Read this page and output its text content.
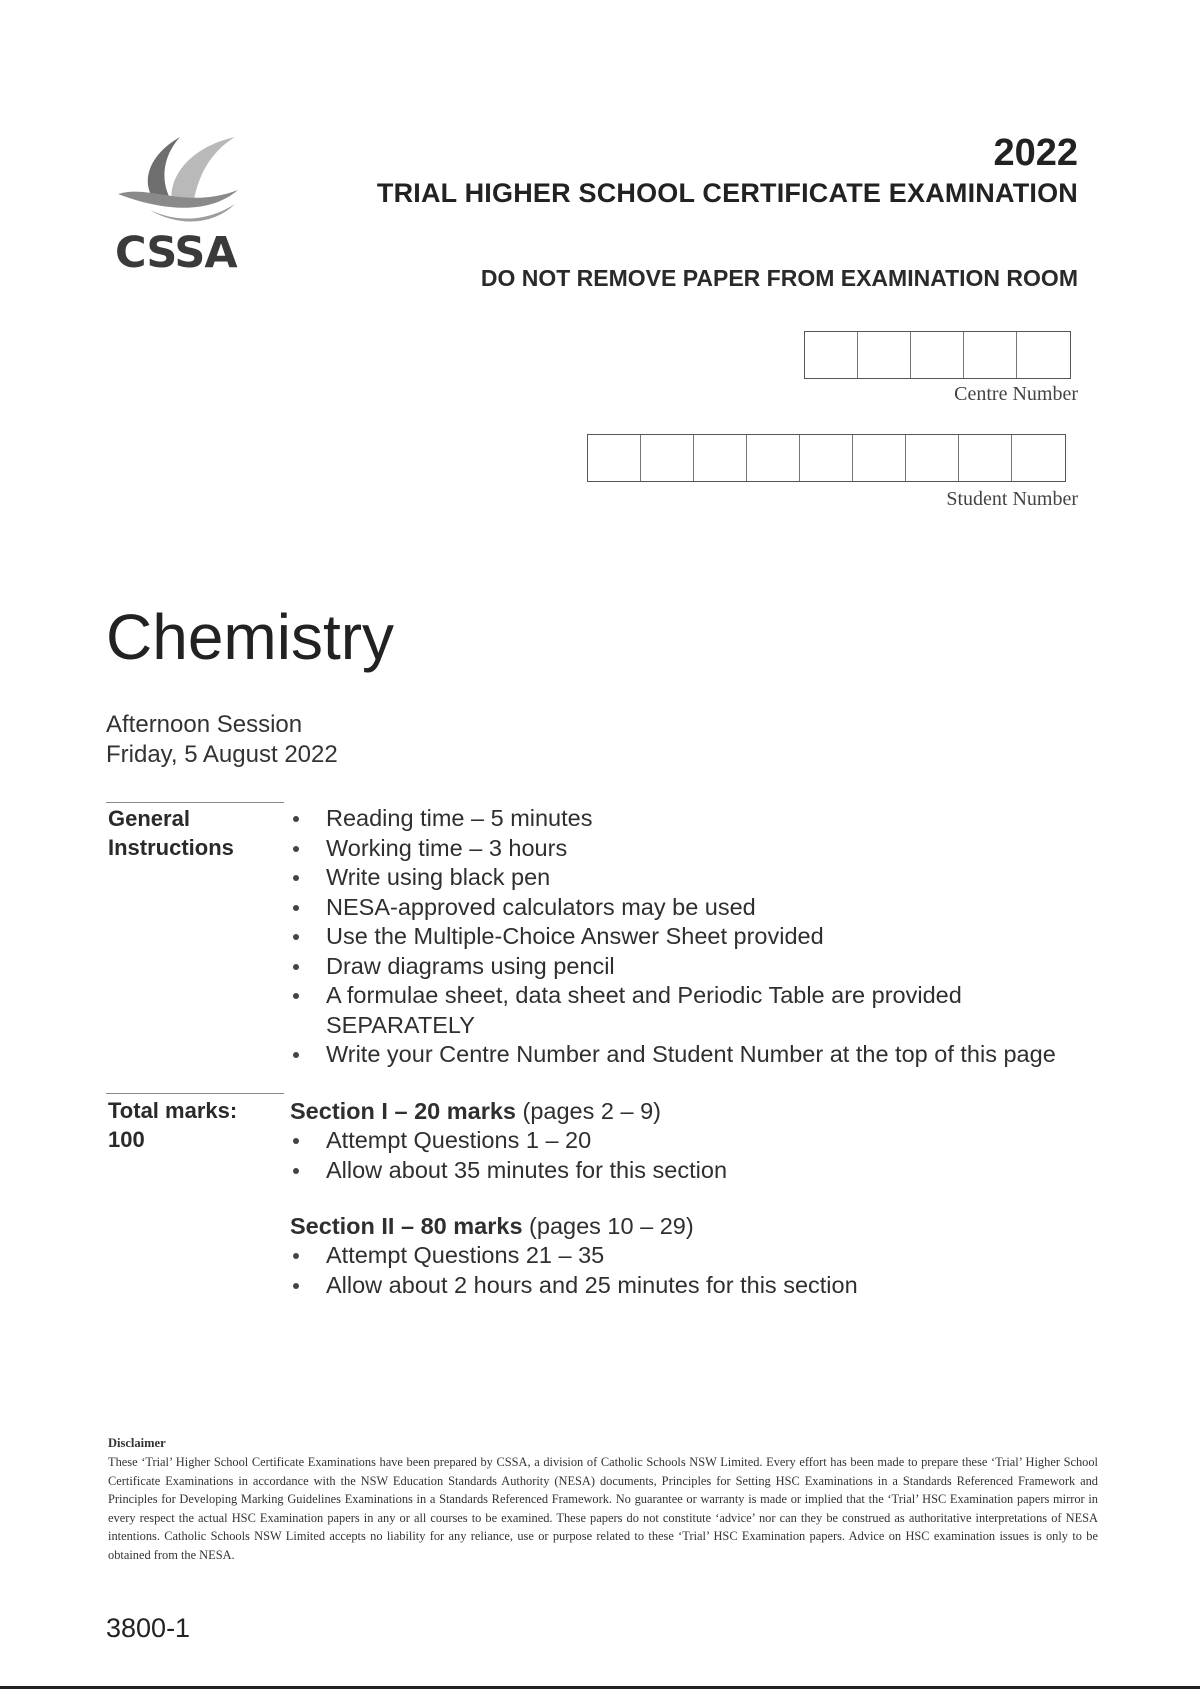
CSSA
2022
TRIAL HIGHER SCHOOL CERTIFICATE EXAMINATION
DO NOT REMOVE PAPER FROM EXAMINATION ROOM
Centre Number
Student Number
Chemistry
Afternoon Session
Friday, 5 August 2022
General
Instructions
Reading time – 5 minutes
Working time – 3 hours
Write using black pen
NESA-approved calculators may be used
Use the Multiple-Choice Answer Sheet provided
Draw diagrams using pencil
A formulae sheet, data sheet and Periodic Table are provided SEPARATELY
Write your Centre Number and Student Number at the top of this page
Total marks:
100
Section I – 20 marks (pages 2 – 9)
Attempt Questions 1 – 20
Allow about 35 minutes for this section
Section II – 80 marks (pages 10 – 29)
Attempt Questions 21 – 35
Allow about 2 hours and 25 minutes for this section
Disclaimer
These ‘Trial’ Higher School Certificate Examinations have been prepared by CSSA, a division of Catholic Schools NSW Limited. Every effort has been made to prepare these ‘Trial’ Higher School Certificate Examinations in accordance with the NSW Education Standards Authority (NESA) documents, Principles for Setting HSC Examinations in a Standards Referenced Framework and Principles for Developing Marking Guidelines Examinations in a Standards Referenced Framework. No guarantee or warranty is made or implied that the ‘Trial’ HSC Examination papers mirror in every respect the actual HSC Examination papers in any or all courses to be examined. These papers do not constitute ‘advice’ nor can they be construed as authoritative interpretations of NESA intentions. Catholic Schools NSW Limited accepts no liability for any reliance, use or purpose related to these ‘Trial’ HSC Examination papers. Advice on HSC examination issues is only to be obtained from the NESA.
3800-1
